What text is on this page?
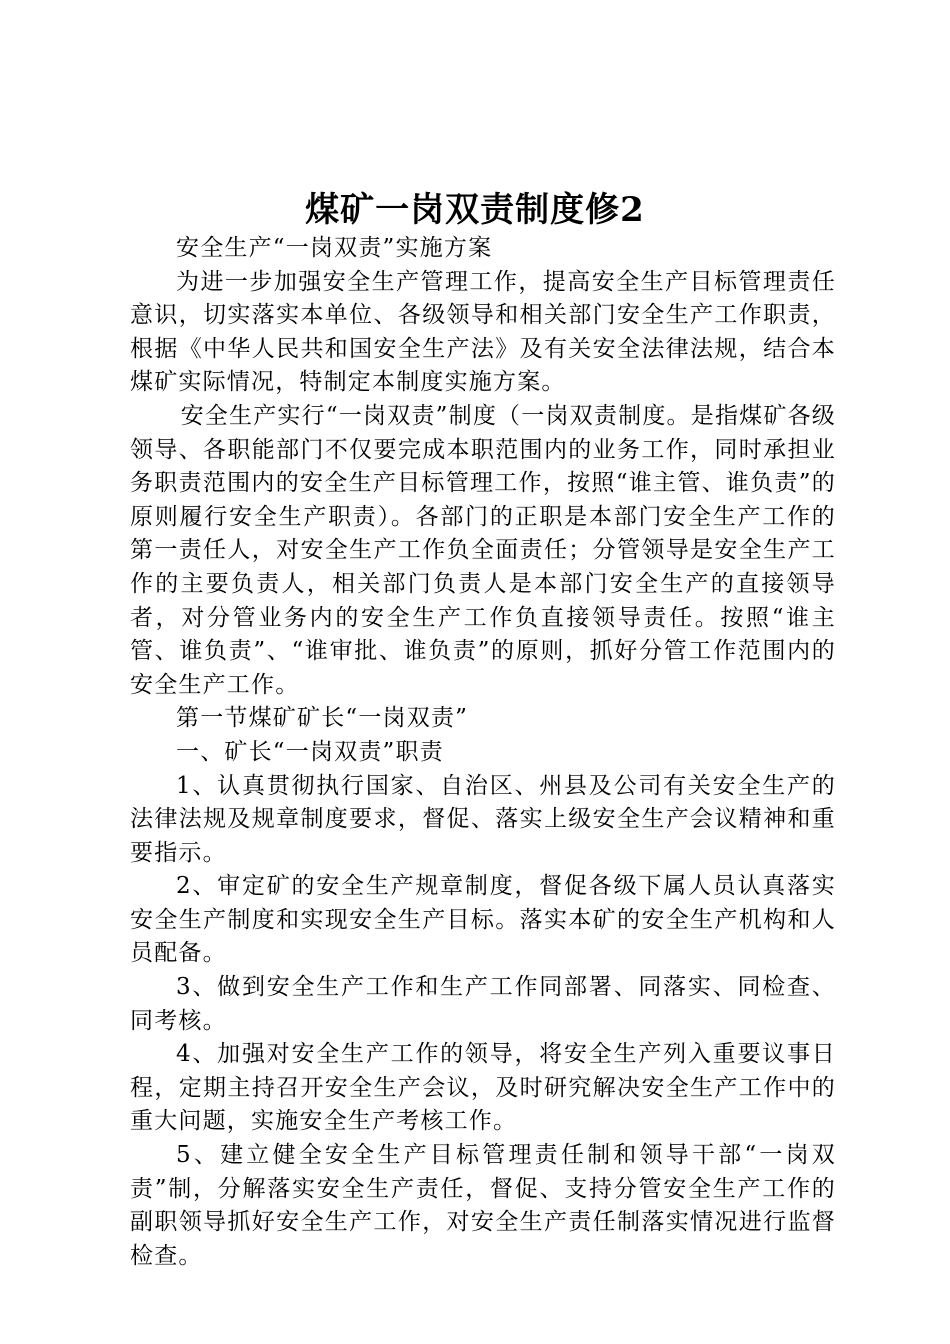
煤矿一岗双责制度修2

安全生产“一岗双责”实施方案

为进一步加强安全生产管理工作，提高安全生产目标管理责任意识，切实落实本单位、各级领导和相关部门安全生产工作职责，根据《中华人民共和国安全生产法》及有关安全法律法规，结合本煤矿实际情况，特制定本制度实施方案。

安全生产实行“一岗双责”制度（一岗双责制度。是指煤矿各级领导、各职能部门不仅要完成本职范围内的业务工作，同时承担业务职责范围内的安全生产目标管理工作，按照“谁主管、谁负责”的原则履行安全生产职责）。各部门的正职是本部门安全生产工作的第一责任人，对安全生产工作负全面责任；分管领导是安全生产工作的主要负责人，相关部门负责人是本部门安全生产的直接领导者，对分管业务内的安全生产工作负直接领导责任。按照“谁主管、谁负责”、“谁审批、谁负责”的原则，抓好分管工作范围内的安全生产工作。

第一节煤矿矿长“一岗双责”

一、矿长“一岗双责”职责

1、认真贯彻执行国家、自治区、州县及公司有关安全生产的法律法规及规章制度要求，督促、落实上级安全生产会议精神和重要指示。

2、审定矿的安全生产规章制度，督促各级下属人员认真落实安全生产制度和实现安全生产目标。落实本矿的安全生产机构和人员配备。

3、做到安全生产工作和生产工作同部署、同落实、同检查、同考核。

4、加强对安全生产工作的领导，将安全生产列入重要议事日程，定期主持召开安全生产会议，及时研究解决安全生产工作中的重大问题，实施安全生产考核工作。

5、建立健全安全生产目标管理责任制和领导干部“一岗双责”制，分解落实安全生产责任，督促、支持分管安全生产工作的副职领导抓好安全生产工作，对安全生产责任制落实情况进行监督检查。
